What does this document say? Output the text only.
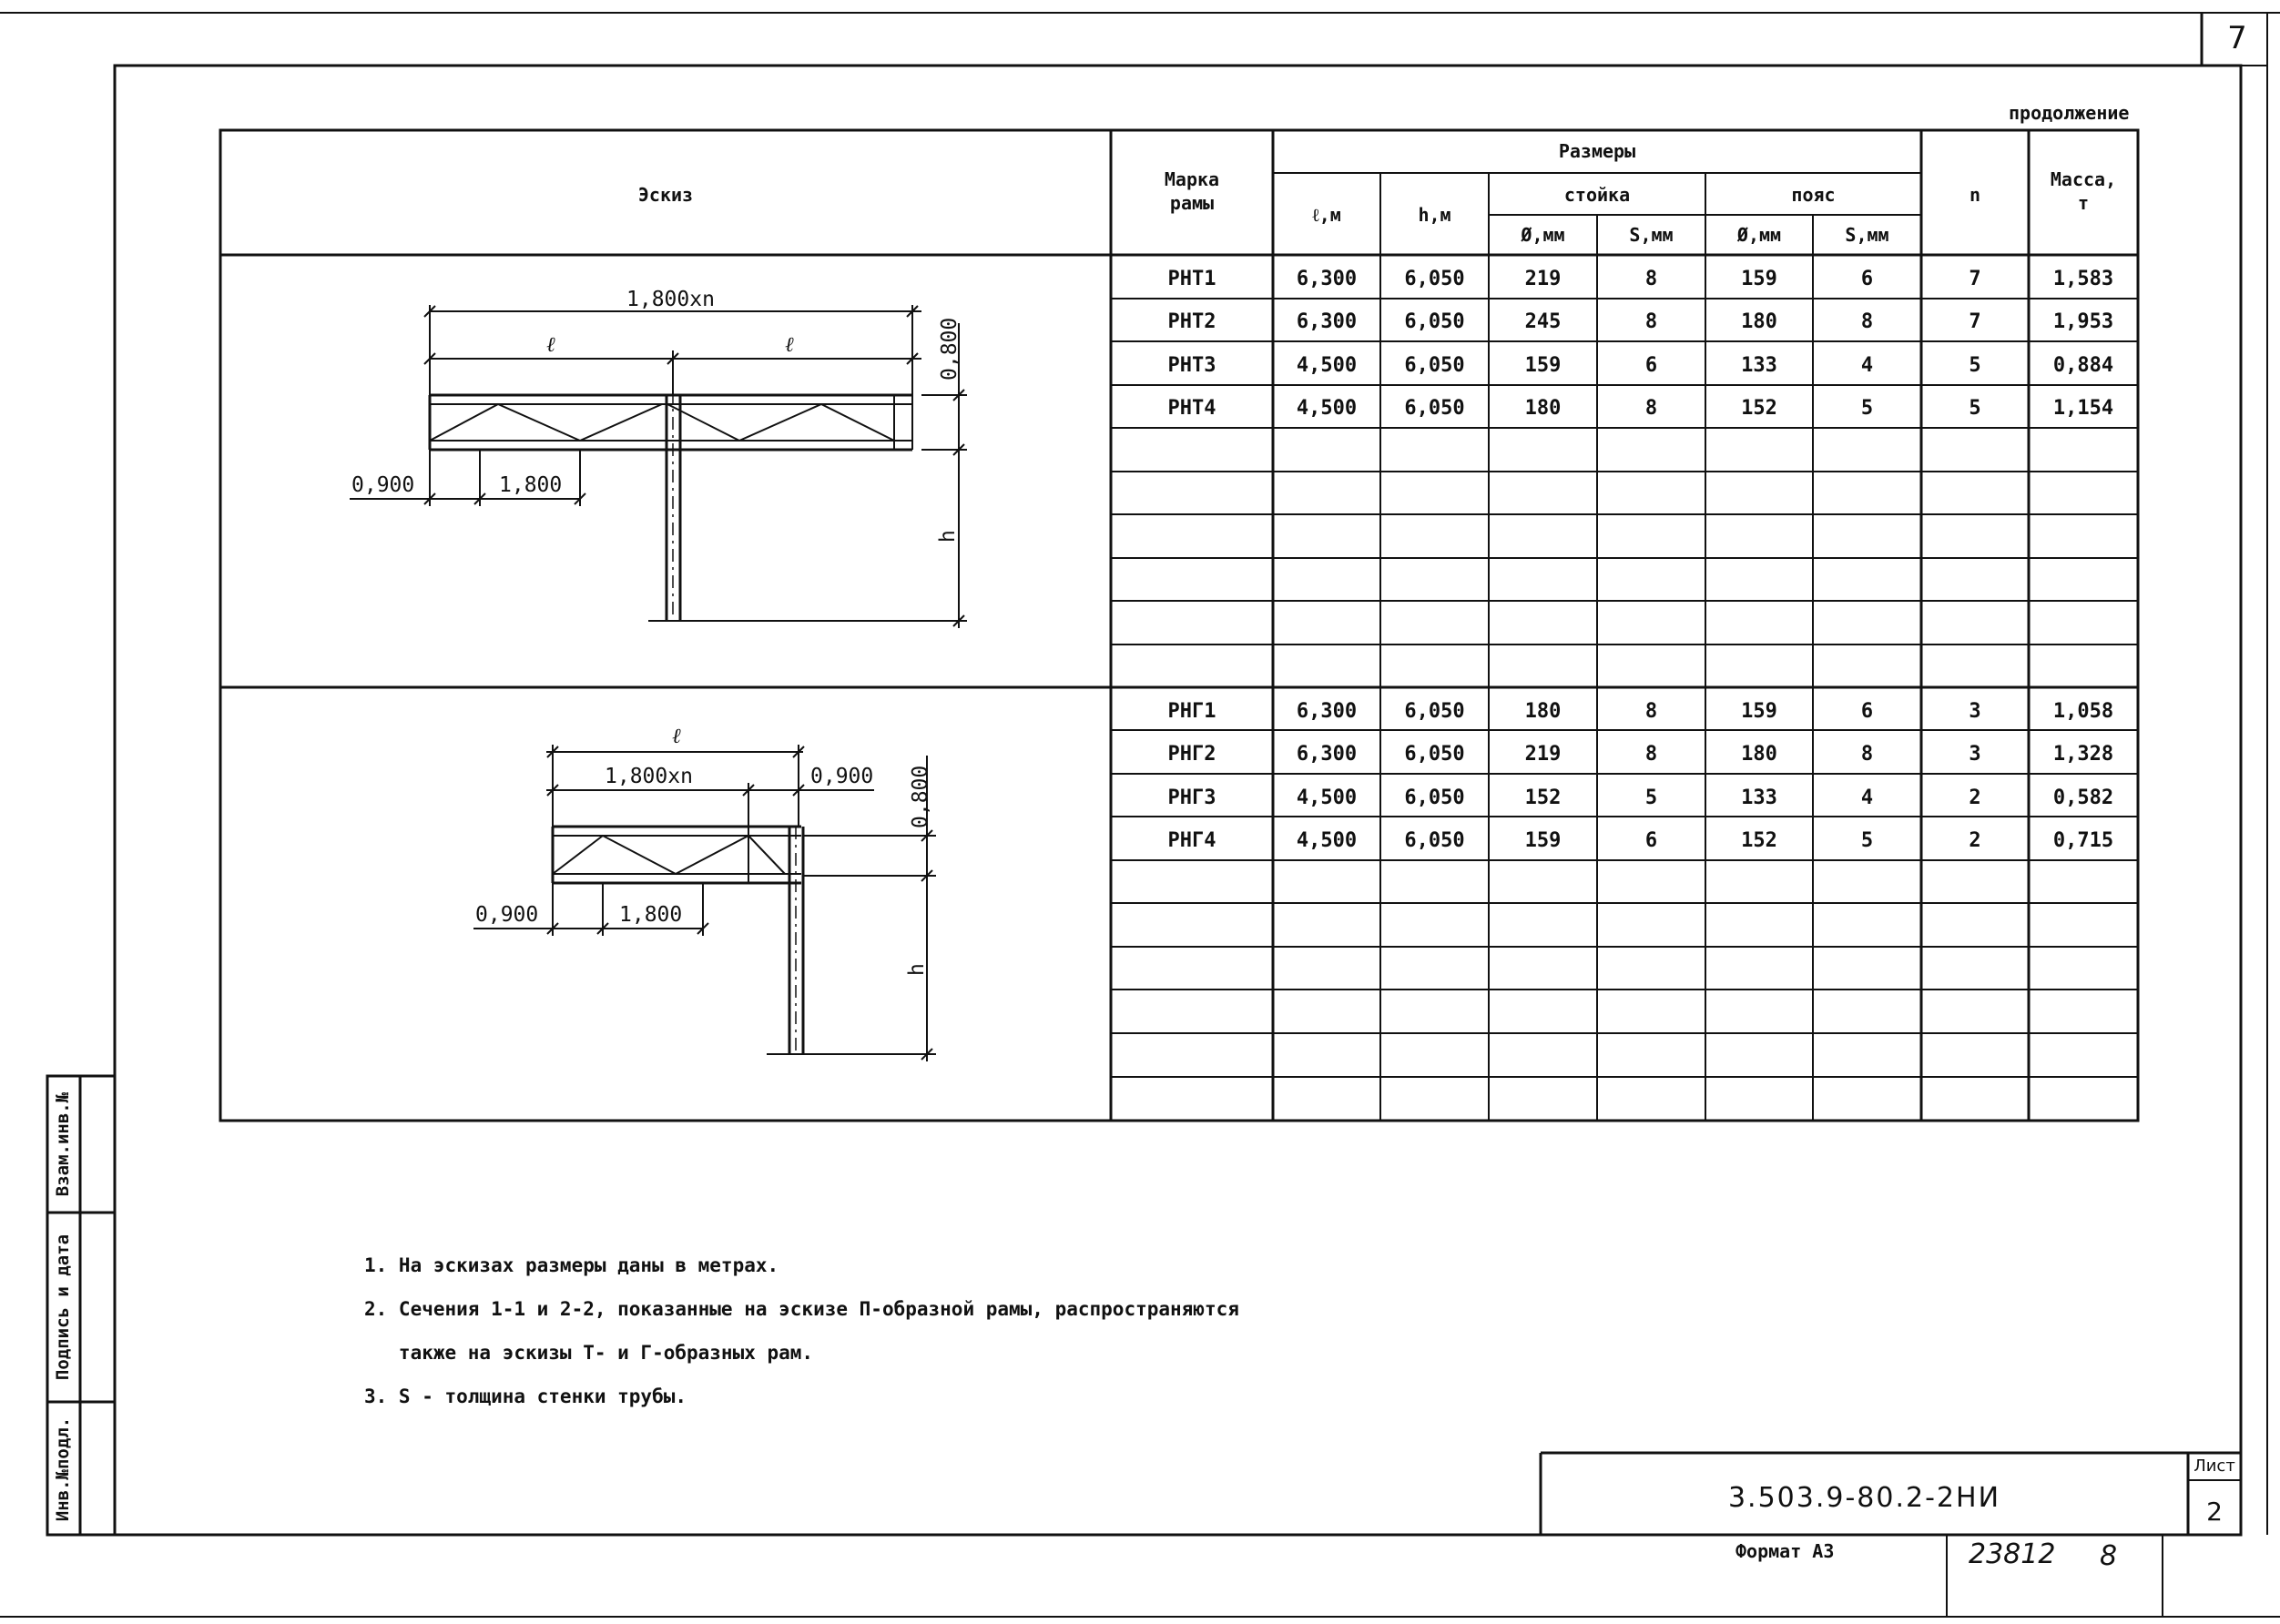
7
продолжение
Эскиз
Марка
рамы
Размеры
ℓ,м	h,м
стойка	пояс
Ø,мм	S,мм	Ø,мм	S,мм
n
Масса,
т
РНТ1	6,300	6,050	219	8	159	6	7	1,583
РНТ2	6,300	6,050	245	8	180	8	7	1,953
РНТ3	4,500	6,050	159	6	133	4	5	0,884
РНТ4	4,500	6,050	180	8	152	5	5	1,154
РНГ1	6,300	6,050	180	8	159	6	3	1,058
РНГ2	6,300	6,050	219	8	180	8	3	1,328
РНГ3	4,500	6,050	152	5	133	4	2	0,582
РНГ4	4,500	6,050	159	6	152	5	2	0,715
1,800xn
ℓ	ℓ	0,800
0,900	1,800
h
ℓ
1,800xn	0,900 0,800
0,900	1,800
h
1. На эскизах размеры даны в метрах.
2. Сечения 1-1 и 2-2, показанные на эскизе П-образной рамы, распространяются
также на эскизы Т- и Г-образных рам.
3. S - толщина стенки трубы.
Инв.№подл.
Подпись и дата
Взам.инв.№
3.503.9-80.2-2НИ
Лист
2
Формат А3	23812 8
